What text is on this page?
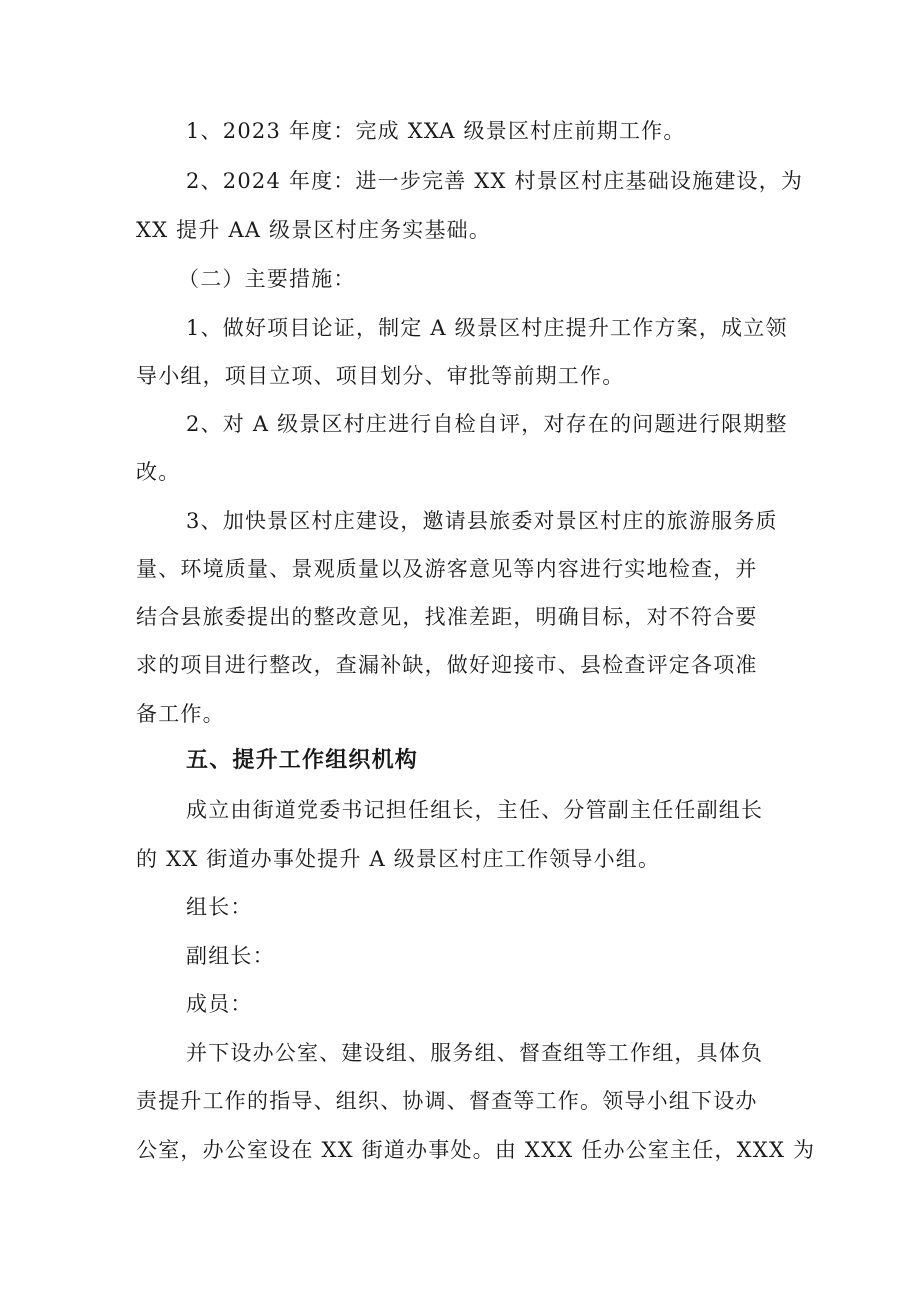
1、2023 年度：完成 XXA 级景区村庄前期工作。
2、2024 年度：进一步完善 XX 村景区村庄基础设施建设，为
XX 提升 AA 级景区村庄务实基础。
（二）主要措施：
1、做好项目论证，制定 A 级景区村庄提升工作方案，成立领
导小组，项目立项、项目划分、审批等前期工作。
2、对 A 级景区村庄进行自检自评，对存在的问题进行限期整
改。
3、加快景区村庄建设，邀请县旅委对景区村庄的旅游服务质
量、环境质量、景观质量以及游客意见等内容进行实地检查，并
结合县旅委提出的整改意见，找准差距，明确目标，对不符合要
求的项目进行整改，查漏补缺，做好迎接市、县检查评定各项准
备工作。
五、提升工作组织机构
成立由街道党委书记担任组长，主任、分管副主任任副组长
的 XX 街道办事处提升 A 级景区村庄工作领导小组。
组长：
副组长：
成员：
并下设办公室、建设组、服务组、督查组等工作组，具体负
责提升工作的指导、组织、协调、督查等工作。领导小组下设办
公室，办公室设在 XX 街道办事处。由 XXX 任办公室主任，XXX 为
